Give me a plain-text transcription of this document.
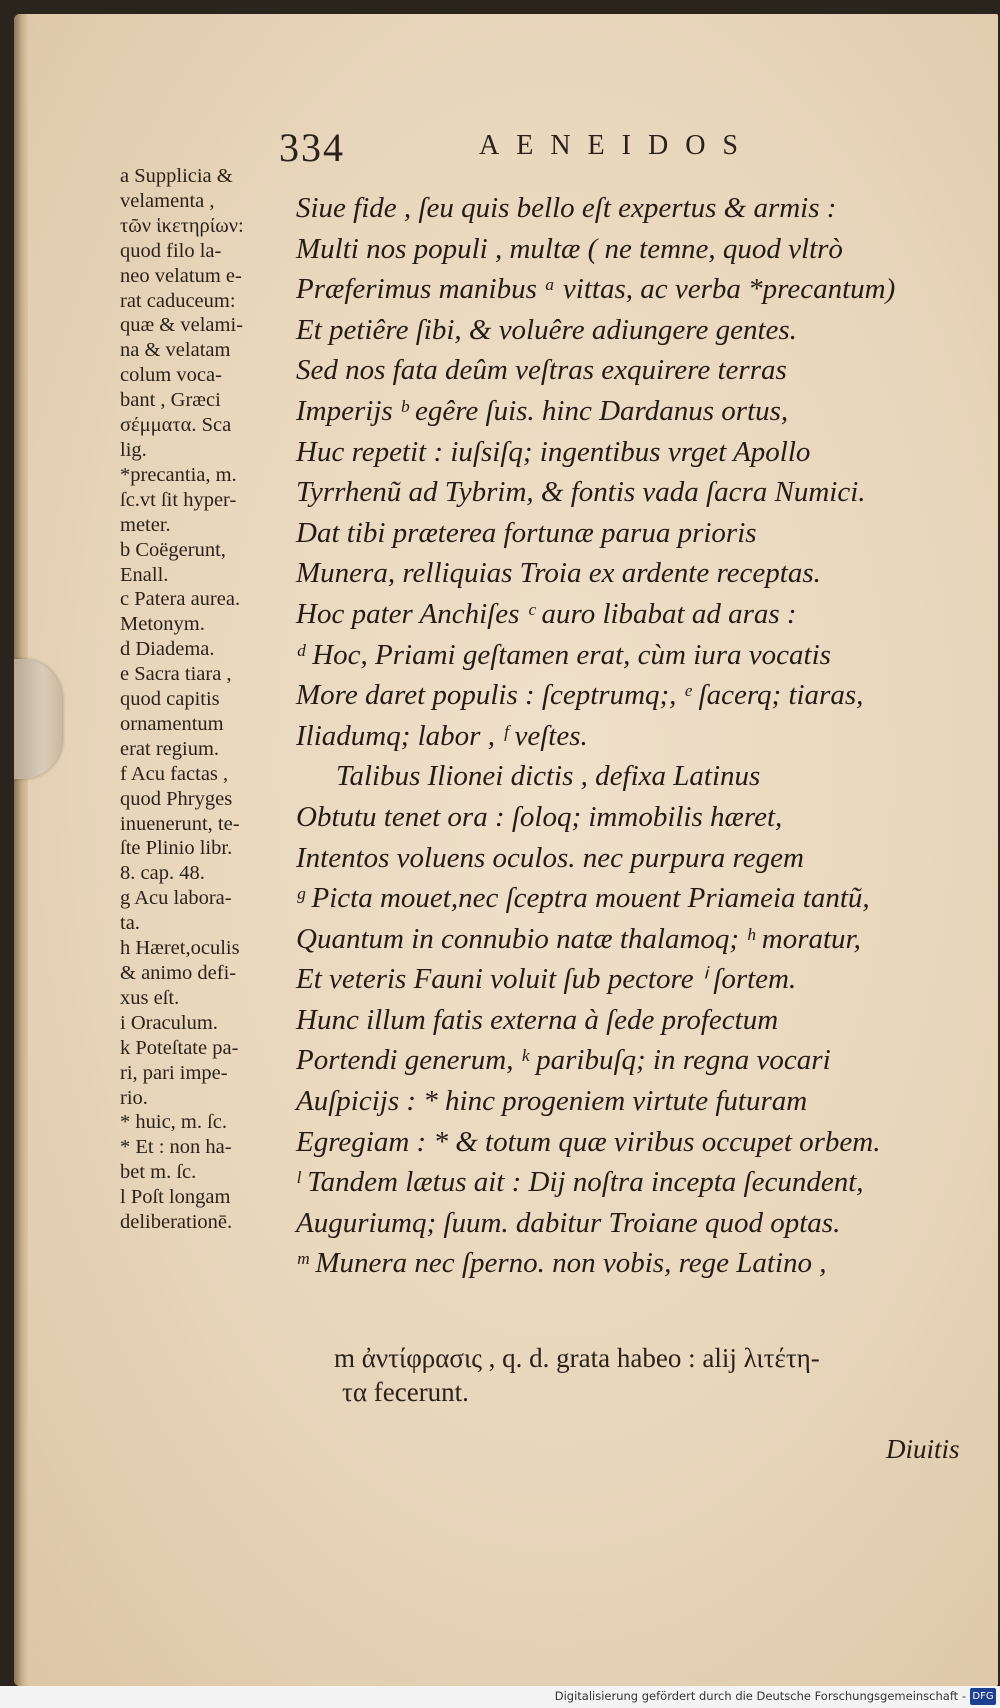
334	AENEIDOS
a Supplicia &
velamenta ,
τῶν ἱκετηρίων:
quod filo la-
neo velatum e-
rat caduceum:
quæ & velami-
na & velatam
colum voca-
bant , Græci
σέμματα. Sca
lig.
*precantia, m.
ſc.vt ſit hyper-
meter.
b Coëgerunt,
Enall.
c Patera aurea.
Metonym.
d Diadema.
e Sacra tiara ,
quod capitis
ornamentum
erat regium.
f Acu factas ,
quod Phryges
inuenerunt, te-
ſte Plinio libr.
8. cap. 48.
g Acu labora-
ta.
h Hæret,oculis
& animo defi-
xus eſt.
i Oraculum.
k Poteſtate pa-
ri, pari impe-
rio.
* huic, m. ſc.
* Et : non ha-
bet m. ſc.
l Poſt longam
deliberationē.
Siue fide , ſeu quis bello eſt expertus & armis :
Multi nos populi , multæ ( ne temne, quod vltrò
Præferimus manibus ᵃ vittas, ac verba *precantum)
Et petiêre ſibi, & voluêre adiungere gentes.
Sed nos fata deûm veſtras exquirere terras
Imperijs ᵇ egêre ſuis. hinc Dardanus ortus,
Huc repetit : iuſsiſq; ingentibus vrget Apollo
Tyrrhenũ ad Tybrim, & fontis vada ſacra Numici.
Dat tibi præterea fortunæ parua prioris
Munera, relliquias Troia ex ardente receptas.
Hoc pater Anchiſes ᶜ auro libabat ad aras :
ᵈ Hoc, Priami geſtamen erat, cùm iura vocatis
More daret populis : ſceptrumq;, ᵉ ſacerq; tiaras,
Iliadumq; labor , ᶠ veſtes.
Talibus Ilionei dictis , defixa Latinus
Obtutu tenet ora : ſoloq; immobilis hæret,
Intentos voluens oculos. nec purpura regem
ᵍ Picta mouet,nec ſceptra mouent Priameia tantũ,
Quantum in connubio natæ thalamoq; ʰ moratur,
Et veteris Fauni voluit ſub pectore ⁱ ſortem.
Hunc illum fatis externa à ſede profectum
Portendi generum, ᵏ paribuſq; in regna vocari
Auſpicijs : * hinc progeniem virtute futuram
Egregiam : * & totum quæ viribus occupet orbem.
ˡ Tandem lætus ait : Dij noſtra incepta ſecundent,
Auguriumq; ſuum. dabitur Troiane quod optas.
ᵐ Munera nec ſperno. non vobis, rege Latino ,
m ἀντίφρασις , q. d. grata habeo : alij λιτέτη-
τα fecerunt.
Diuitis
Digitalisierung gefördert durch die Deutsche Forschungsgemeinschaft - DFG
